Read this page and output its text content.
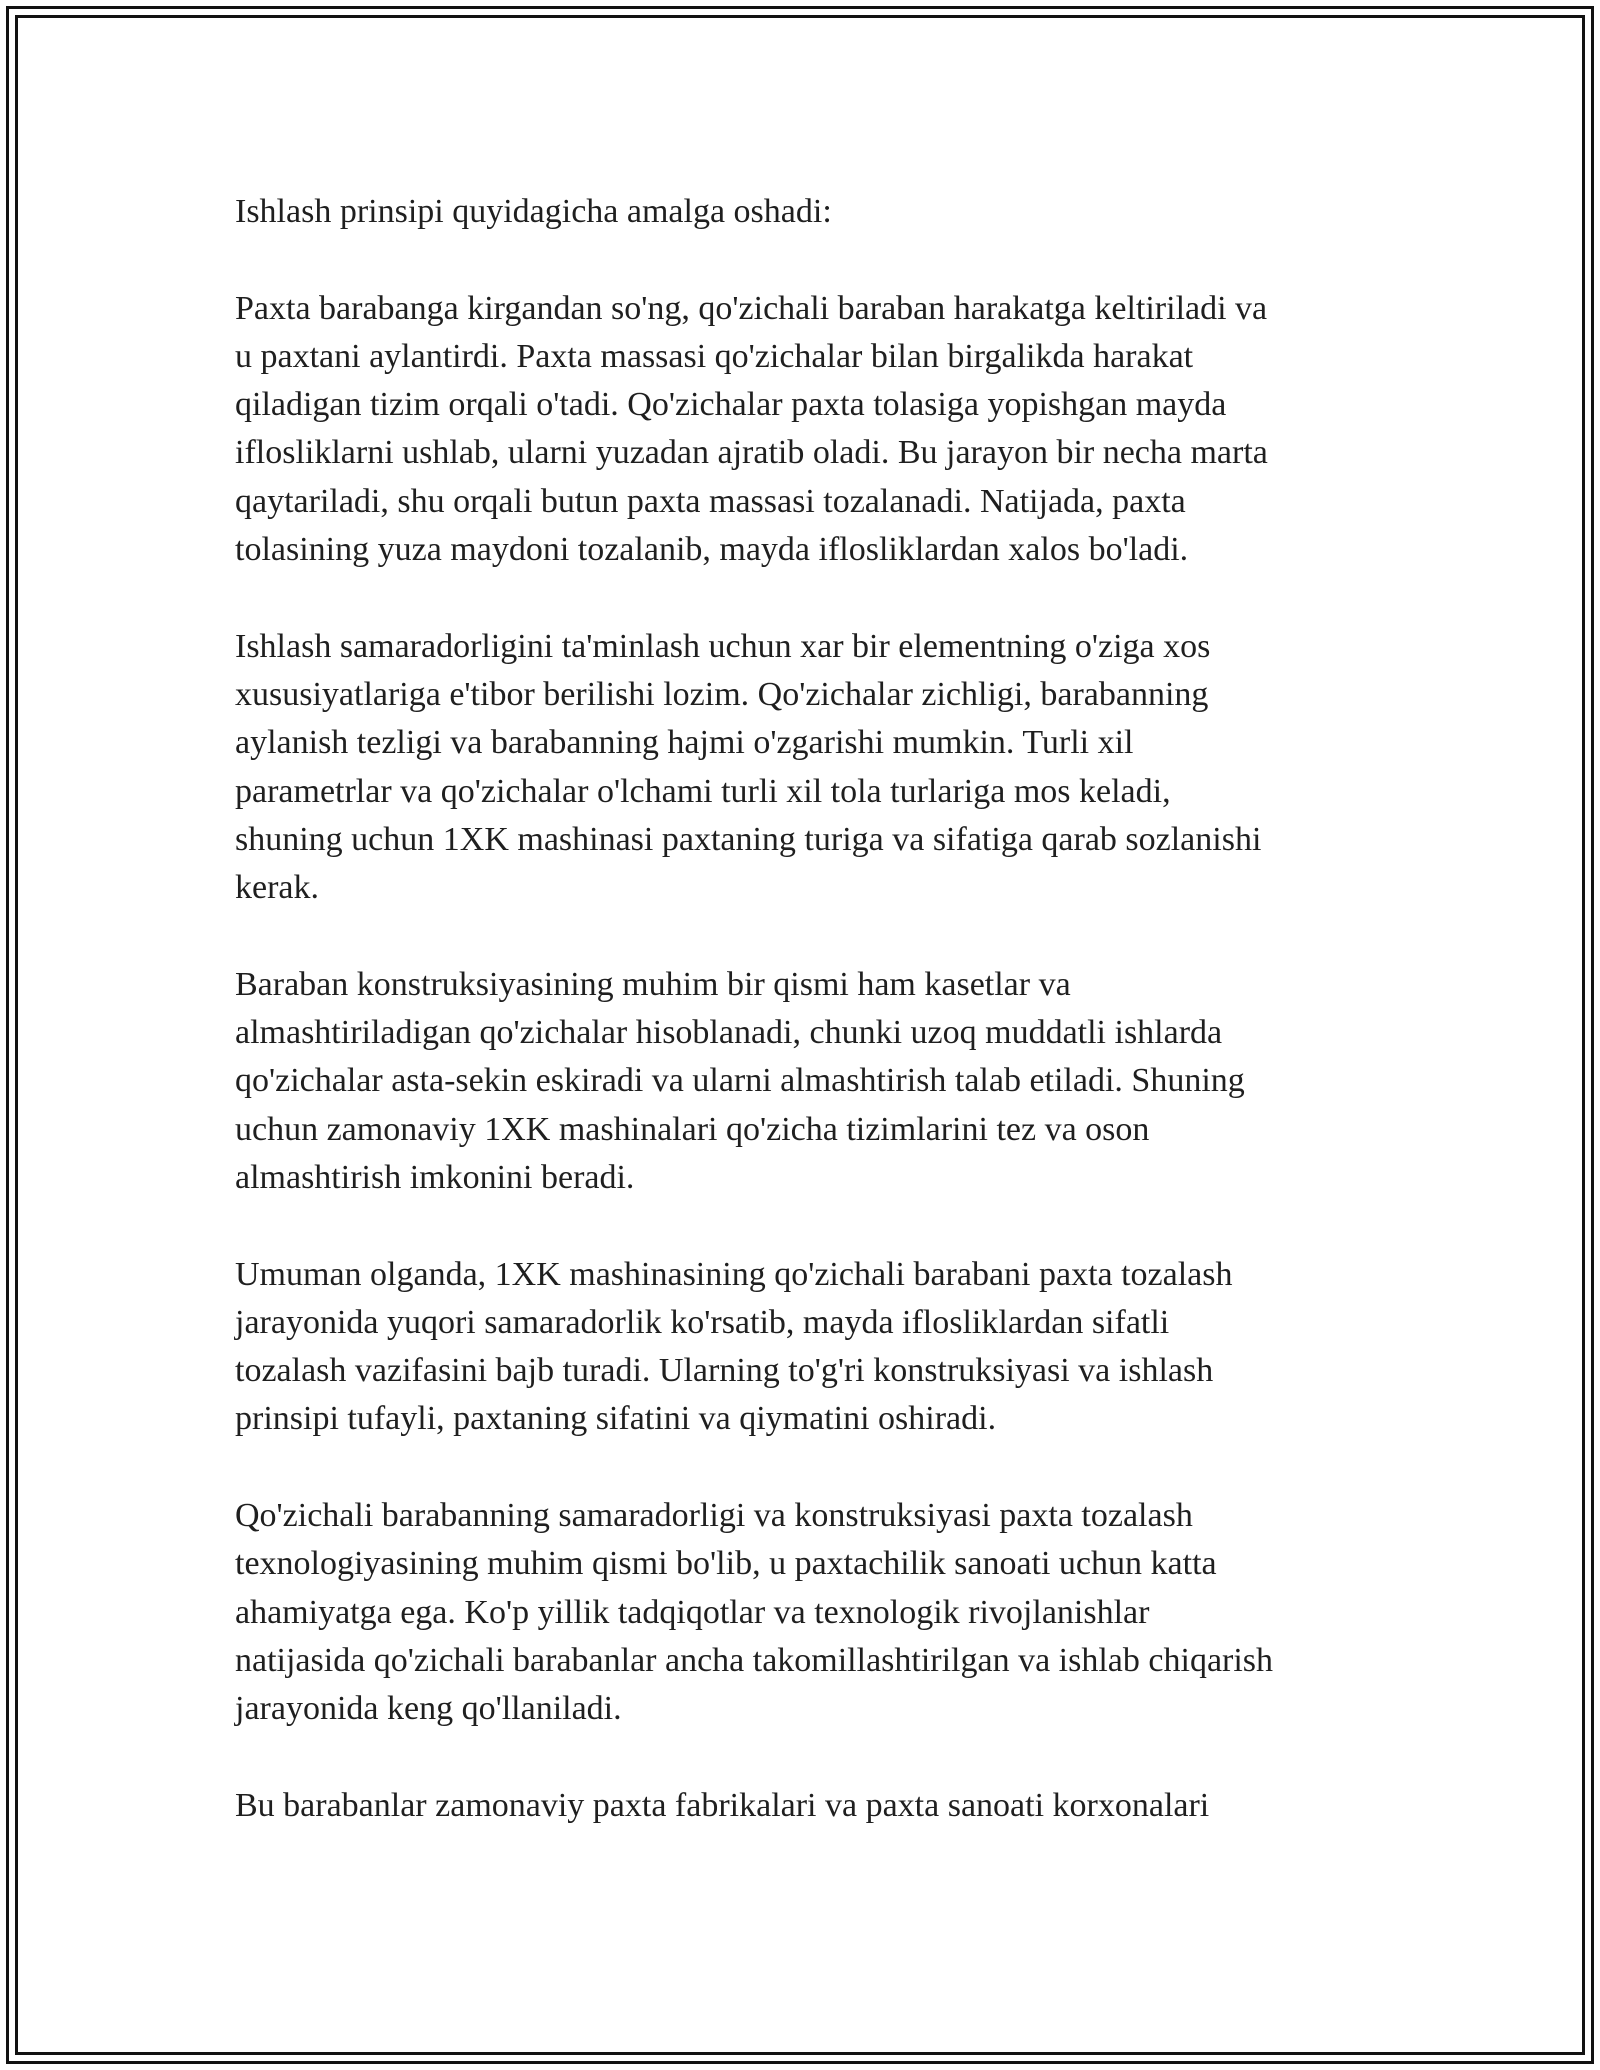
Ishlash prinsipi quyidagicha amalga oshadi:

Paxta barabanga kirgandan so'ng, qo'zichali baraban harakatga keltiriladi va
u paxtani aylantirdi. Paxta massasi qo'zichalar bilan birgalikda harakat
qiladigan tizim orqali o'tadi. Qo'zichalar paxta tolasiga yopishgan mayda
iflosliklarni ushlab, ularni yuzadan ajratib oladi. Bu jarayon bir necha marta
qaytariladi, shu orqali butun paxta massasi tozalanadi. Natijada, paxta
tolasining yuza maydoni tozalanib, mayda iflosliklardan xalos bo'ladi.

Ishlash samaradorligini ta'minlash uchun xar bir elementning o'ziga xos
xususiyatlariga e'tibor berilishi lozim. Qo'zichalar zichligi, barabanning
aylanish tezligi va barabanning hajmi o'zgarishi mumkin. Turli xil
parametrlar va qo'zichalar o'lchami turli xil tola turlariga mos keladi,
shuning uchun 1XK mashinasi paxtaning turiga va sifatiga qarab sozlanishi
kerak.

Baraban konstruksiyasining muhim bir qismi ham kasetlar va
almashtiriladigan qo'zichalar hisoblanadi, chunki uzoq muddatli ishlarda
qo'zichalar asta-sekin eskiradi va ularni almashtirish talab etiladi. Shuning
uchun zamonaviy 1XK mashinalari qo'zicha tizimlarini tez va oson
almashtirish imkonini beradi.

Umuman olganda, 1XK mashinasining qo'zichali barabani paxta tozalash
jarayonida yuqori samaradorlik ko'rsatib, mayda iflosliklardan sifatli
tozalash vazifasini bajb turadi. Ularning to'g'ri konstruksiyasi va ishlash
prinsipi tufayli, paxtaning sifatini va qiymatini oshiradi.

Qo'zichali barabanning samaradorligi va konstruksiyasi paxta tozalash
texnologiyasining muhim qismi bo'lib, u paxtachilik sanoati uchun katta
ahamiyatga ega. Ko'p yillik tadqiqotlar va texnologik rivojlanishlar
natijasida qo'zichali barabanlar ancha takomillashtirilgan va ishlab chiqarish
jarayonida keng qo'llaniladi.

Bu barabanlar zamonaviy paxta fabrikalari va paxta sanoati korxonalari
